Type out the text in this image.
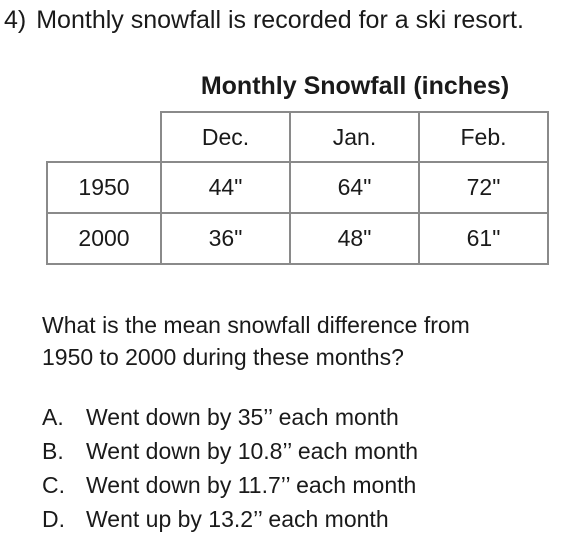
4) Monthly snowfall is recorded for a ski resort.
Monthly Snowfall (inches)
Dec.	Jan.	Feb.
1950	44"	64"	72"
2000	36"	48"	61"
What is the mean snowfall difference from
1950 to 2000 during these months?
A. Went down by 35’’ each month
B. Went down by 10.8’’ each month
C. Went down by 11.7’’ each month
D. Went up by 13.2’’ each month
